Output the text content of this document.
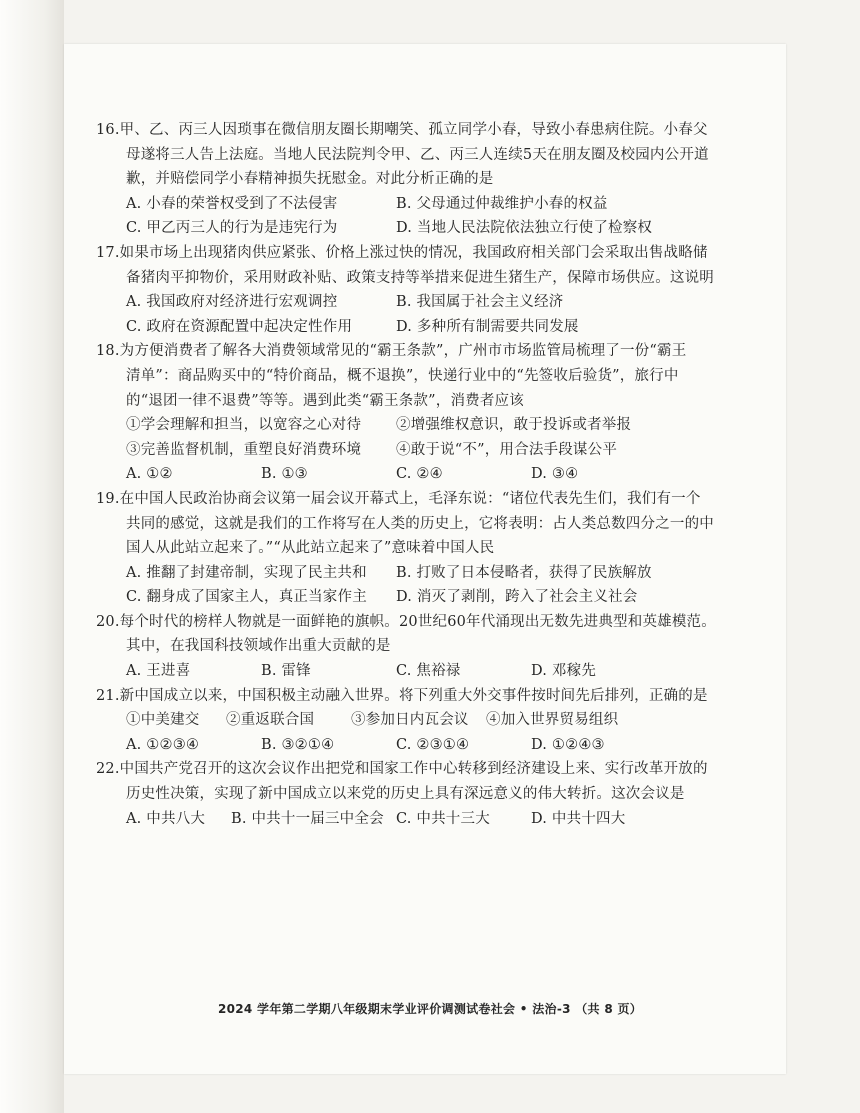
16.甲、乙、丙三人因琐事在微信朋友圈长期嘲笑、孤立同学小春，导致小春患病住院。小春父
母遂将三人告上法庭。当地人民法院判令甲、乙、丙三人连续5天在朋友圈及校园内公开道
歉，并赔偿同学小春精神损失抚慰金。对此分析正确的是
A. 小春的荣誉权受到了不法侵害	B. 父母通过仲裁维护小春的权益
C. 甲乙丙三人的行为是违宪行为	D. 当地人民法院依法独立行使了检察权
17.如果市场上出现猪肉供应紧张、价格上涨过快的情况，我国政府相关部门会采取出售战略储
备猪肉平抑物价，采用财政补贴、政策支持等举措来促进生猪生产，保障市场供应。这说明
A. 我国政府对经济进行宏观调控	B. 我国属于社会主义经济
C. 政府在资源配置中起决定性作用	D. 多种所有制需要共同发展
18.为方便消费者了解各大消费领域常见的“霸王条款”，广州市市场监管局梳理了一份“霸王
清单”：商品购买中的“特价商品，概不退换”，快递行业中的“先签收后验货”，旅行中
的“退团一律不退费”等等。遇到此类“霸王条款”，消费者应该
①学会理解和担当，以宽容之心对待	②增强维权意识，敢于投诉或者举报
③完善监督机制，重塑良好消费环境	④敢于说“不”，用合法手段谋公平
A. ①②	B. ①③	C. ②④	D. ③④
19.在中国人民政治协商会议第一届会议开幕式上，毛泽东说：“诸位代表先生们，我们有一个
共同的感觉，这就是我们的工作将写在人类的历史上，它将表明：占人类总数四分之一的中
国人从此站立起来了。”“从此站立起来了”意味着中国人民
A. 推翻了封建帝制，实现了民主共和	B. 打败了日本侵略者，获得了民族解放
C. 翻身成了国家主人，真正当家作主	D. 消灭了剥削，跨入了社会主义社会
20.每个时代的榜样人物就是一面鲜艳的旗帜。20世纪60年代涌现出无数先进典型和英雄模范。
其中，在我国科技领域作出重大贡献的是
A. 王进喜	B. 雷锋	C. 焦裕禄	D. 邓稼先
21.新中国成立以来，中国积极主动融入世界。将下列重大外交事件按时间先后排列，正确的是
①中美建交	②重返联合国	③参加日内瓦会议	④加入世界贸易组织
A. ①②③④	B. ③②①④	C. ②③①④	D. ①②④③
22.中国共产党召开的这次会议作出把党和国家工作中心转移到经济建设上来、实行改革开放的
历史性决策，实现了新中国成立以来党的历史上具有深远意义的伟大转折。这次会议是
A. 中共八大	B. 中共十一届三中全会 C. 中共十三大	D. 中共十四大
2024 学年第二学期八年级期末学业评价调测试卷社会 • 法治-3 （共 8 页）
